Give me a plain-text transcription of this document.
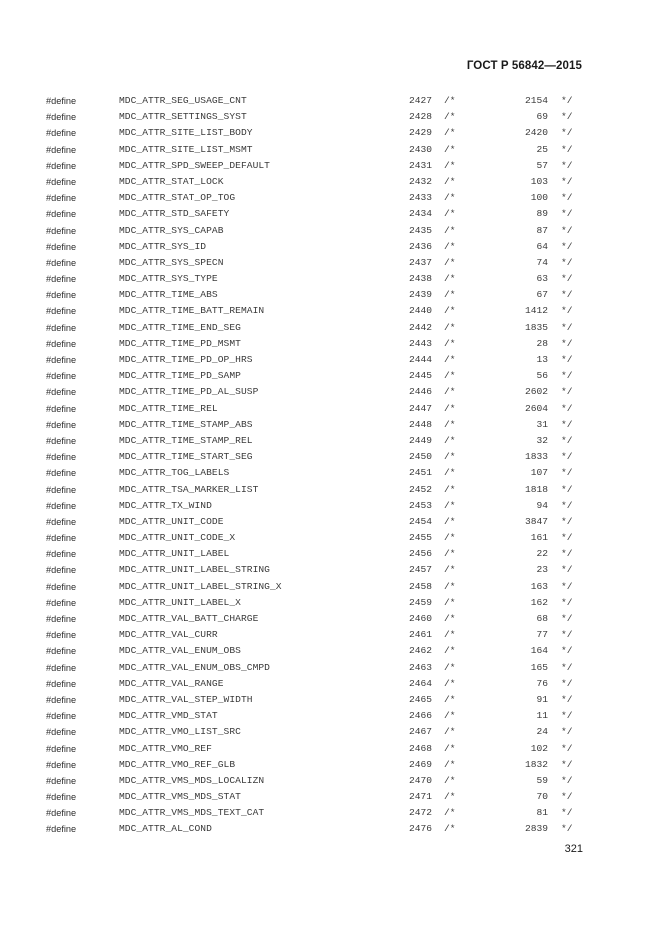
ГОСТ Р 56842—2015
#define	MDC_ATTR_SEG_USAGE_CNT	2427 /*	2154 */
#define	MDC_ATTR_SETTINGS_SYST	2428 /*	69 */
#define	MDC_ATTR_SITE_LIST_BODY	2429 /*	2420 */
#define	MDC_ATTR_SITE_LIST_MSMT	2430 /*	25 */
#define	MDC_ATTR_SPD_SWEEP_DEFAULT	2431 /*	57 */
#define	MDC_ATTR_STAT_LOCK	2432 /*	103 */
#define	MDC_ATTR_STAT_OP_TOG	2433 /*	100 */
#define	MDC_ATTR_STD_SAFETY	2434 /*	89 */
#define	MDC_ATTR_SYS_CAPAB	2435 /*	87 */
#define	MDC_ATTR_SYS_ID	2436 /*	64 */
#define	MDC_ATTR_SYS_SPECN	2437 /*	74 */
#define	MDC_ATTR_SYS_TYPE	2438 /*	63 */
#define	MDC_ATTR_TIME_ABS	2439 /*	67 */
#define	MDC_ATTR_TIME_BATT_REMAIN	2440 /*	1412 */
#define	MDC_ATTR_TIME_END_SEG	2442 /*	1835 */
#define	MDC_ATTR_TIME_PD_MSMT	2443 /*	28 */
#define	MDC_ATTR_TIME_PD_OP_HRS	2444 /*	13 */
#define	MDC_ATTR_TIME_PD_SAMP	2445 /*	56 */
#define	MDC_ATTR_TIME_PD_AL_SUSP	2446 /*	2602 */
#define	MDC_ATTR_TIME_REL	2447 /*	2604 */
#define	MDC_ATTR_TIME_STAMP_ABS	2448 /*	31 */
#define	MDC_ATTR_TIME_STAMP_REL	2449 /*	32 */
#define	MDC_ATTR_TIME_START_SEG	2450 /*	1833 */
#define	MDC_ATTR_TOG_LABELS	2451 /*	107 */
#define	MDC_ATTR_TSA_MARKER_LIST	2452 /*	1818 */
#define	MDC_ATTR_TX_WIND	2453 /*	94 */
#define	MDC_ATTR_UNIT_CODE	2454 /*	3847 */
#define	MDC_ATTR_UNIT_CODE_X	2455 /*	161 */
#define	MDC_ATTR_UNIT_LABEL	2456 /*	22 */
#define	MDC_ATTR_UNIT_LABEL_STRING	2457 /*	23 */
#define	MDC_ATTR_UNIT_LABEL_STRING_X	2458 /*	163 */
#define	MDC_ATTR_UNIT_LABEL_X	2459 /*	162 */
#define	MDC_ATTR_VAL_BATT_CHARGE	2460 /*	68 */
#define	MDC_ATTR_VAL_CURR	2461 /*	77 */
#define	MDC_ATTR_VAL_ENUM_OBS	2462 /*	164 */
#define	MDC_ATTR_VAL_ENUM_OBS_CMPD	2463 /*	165 */
#define	MDC_ATTR_VAL_RANGE	2464 /*	76 */
#define	MDC_ATTR_VAL_STEP_WIDTH	2465 /*	91 */
#define	MDC_ATTR_VMD_STAT	2466 /*	11 */
#define	MDC_ATTR_VMO_LIST_SRC	2467 /*	24 */
#define	MDC_ATTR_VMO_REF	2468 /*	102 */
#define	MDC_ATTR_VMO_REF_GLB	2469 /*	1832 */
#define	MDC_ATTR_VMS_MDS_LOCALIZN	2470 /*	59 */
#define	MDC_ATTR_VMS_MDS_STAT	2471 /*	70 */
#define	MDC_ATTR_VMS_MDS_TEXT_CAT	2472 /*	81 */
#define	MDC_ATTR_AL_COND	2476 /*	2839 */
321
